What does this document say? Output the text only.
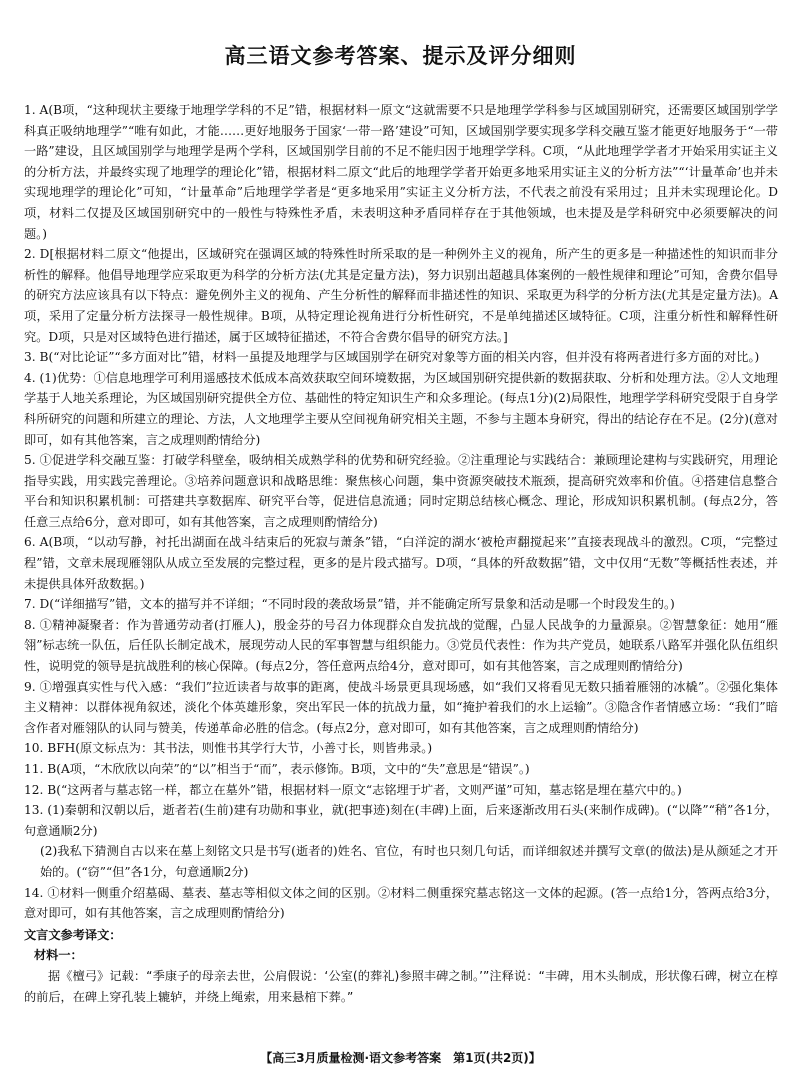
高三语文参考答案、提示及评分细则

1. A(B项，“这种现状主要缘于地理学学科的不足”错，根据材料一原文“这就需要不只是地理学学科参与区域国别研究，还需要区域国别学学科真正吸纳地理学”“唯有如此，才能……更好地服务于国家‘一带一路’建设”可知，区域国别学要实现多学科交融互鉴才能更好地服务于“一带一路”建设，且区域国别学与地理学是两个学科，区域国别学目前的不足不能归因于地理学学科。C项，“从此地理学学者才开始采用实证主义的分析方法，并最终实现了地理学的理论化”错，根据材料二原文“此后的地理学学者开始更多地采用实证主义的分析方法”“‘计量革命’也并未实现地理学的理论化”可知，“计量革命”后地理学学者是“更多地采用”实证主义分析方法，不代表之前没有采用过；且并未实现理论化。D项，材料二仅提及区域国别研究中的一般性与特殊性矛盾，未表明这种矛盾同样存在于其他领域，也未提及是学科研究中必须要解决的问题。)

2. D[根据材料二原文“他提出，区域研究在强调区域的特殊性时所采取的是一种例外主义的视角，所产生的更多是一种描述性的知识而非分析性的解释。他倡导地理学应采取更为科学的分析方法(尤其是定量方法)，努力识别出超越具体案例的一般性规律和理论”可知，舍费尔倡导的研究方法应该具有以下特点：避免例外主义的视角、产生分析性的解释而非描述性的知识、采取更为科学的分析方法(尤其是定量方法)。A项，采用了定量分析方法探寻一般性规律。B项，从特定理论视角进行分析性研究，不是单纯描述区域特征。C项，注重分析性和解释性研究。D项，只是对区域特色进行描述，属于区域特征描述，不符合舍费尔倡导的研究方法。]

3. B(“对比论证”“多方面对比”错，材料一虽提及地理学与区域国别学在研究对象等方面的相关内容，但并没有将两者进行多方面的对比。)

4. (1)优势：①信息地理学可利用遥感技术低成本高效获取空间环境数据，为区域国别研究提供新的数据获取、分析和处理方法。②人文地理学基于人地关系理论，为区域国别研究提供全方位、基础性的特定知识生产和众多理论。(每点1分)(2)局限性，地理学学科研究受限于自身学科所研究的问题和所建立的理论、方法，人文地理学主要从空间视角研究相关主题，不参与主题本身研究，得出的结论存在不足。(2分)(意对即可，如有其他答案，言之成理则酌情给分)

5. ①促进学科交融互鉴：打破学科壁垒，吸纳相关成熟学科的优势和研究经验。②注重理论与实践结合：兼顾理论建构与实践研究，用理论指导实践，用实践完善理论。③培养问题意识和战略思维：聚焦核心问题，集中资源突破技术瓶颈，提高研究效率和价值。④搭建信息整合平台和知识积累机制：可搭建共享数据库、研究平台等，促进信息流通；同时定期总结核心概念、理论，形成知识积累机制。(每点2分，答任意三点给6分，意对即可，如有其他答案，言之成理则酌情给分)

6. A(B项，“以动写静，衬托出湖面在战斗结束后的死寂与萧条”错，“白洋淀的湖水‘被枪声翻搅起来’”直接表现战斗的激烈。C项，“完整过程”错，文章未展现雁翎队从成立至发展的完整过程，更多的是片段式描写。D项，“具体的歼敌数据”错，文中仅用“无数”等概括性表述，并未提供具体歼敌数据。)

7. D(“详细描写”错，文本的描写并不详细；“不同时段的袭敌场景”错，并不能确定所写景象和活动是哪一个时段发生的。)

8. ①精神凝聚者：作为普通劳动者(打雁人)，殷金芬的号召力体现群众自发抗战的觉醒，凸显人民战争的力量源泉。②智慧象征：她用“雁翎”标志统一队伍，后任队长制定战术，展现劳动人民的军事智慧与组织能力。③党员代表性：作为共产党员，她联系八路军并强化队伍组织性，说明党的领导是抗战胜利的核心保障。(每点2分，答任意两点给4分，意对即可，如有其他答案，言之成理则酌情给分)

9. ①增强真实性与代入感：“我们”拉近读者与故事的距离，使战斗场景更具现场感，如“我们又将看见无数只插着雁翎的冰橇”。②强化集体主义精神：以群体视角叙述，淡化个体英雄形象，突出军民一体的抗战力量，如“掩护着我们的水上运输”。③隐含作者情感立场：“我们”暗含作者对雁翎队的认同与赞美，传递革命必胜的信念。(每点2分，意对即可，如有其他答案，言之成理则酌情给分)

10. BFH(原文标点为：其书法，则惟书其学行大节，小善寸长，则皆弗录。)

11. B(A项，“木欣欣以向荣”的“以”相当于“而”，表示修饰。B项，文中的“失”意思是“错误”。)

12. B(“这两者与墓志铭一样，都立在墓外”错，根据材料一原文“志铭埋于圹者，文则严谨”可知，墓志铭是埋在墓穴中的。)

13. (1)秦朝和汉朝以后，逝者若(生前)建有功勋和事业，就(把事迹)刻在(丰碑)上面，后来逐渐改用石头(来制作成碑)。(“以降”“稍”各1分，句意通顺2分)

(2)我私下猜测自古以来在墓上刻铭文只是书写(逝者的)姓名、官位，有时也只刻几句话，而详细叙述并撰写文章(的做法)是从颜延之才开始的。(“窃”“但”各1分，句意通顺2分)

14. ①材料一侧重介绍墓碣、墓表、墓志等相似文体之间的区别。②材料二侧重探究墓志铭这一文体的起源。(答一点给1分，答两点给3分，意对即可，如有其他答案，言之成理则酌情给分)

文言文参考译文：

材料一：

据《檀弓》记载：“季康子的母亲去世，公肩假说：‘公室(的葬礼)参照丰碑之制。’”注释说：“丰碑，用木头制成，形状像石碑，树立在椁的前后，在碑上穿孔装上辘轳，并绕上绳索，用来悬棺下葬。”

【高三3月质量检测·语文参考答案　第1页(共2页)】
